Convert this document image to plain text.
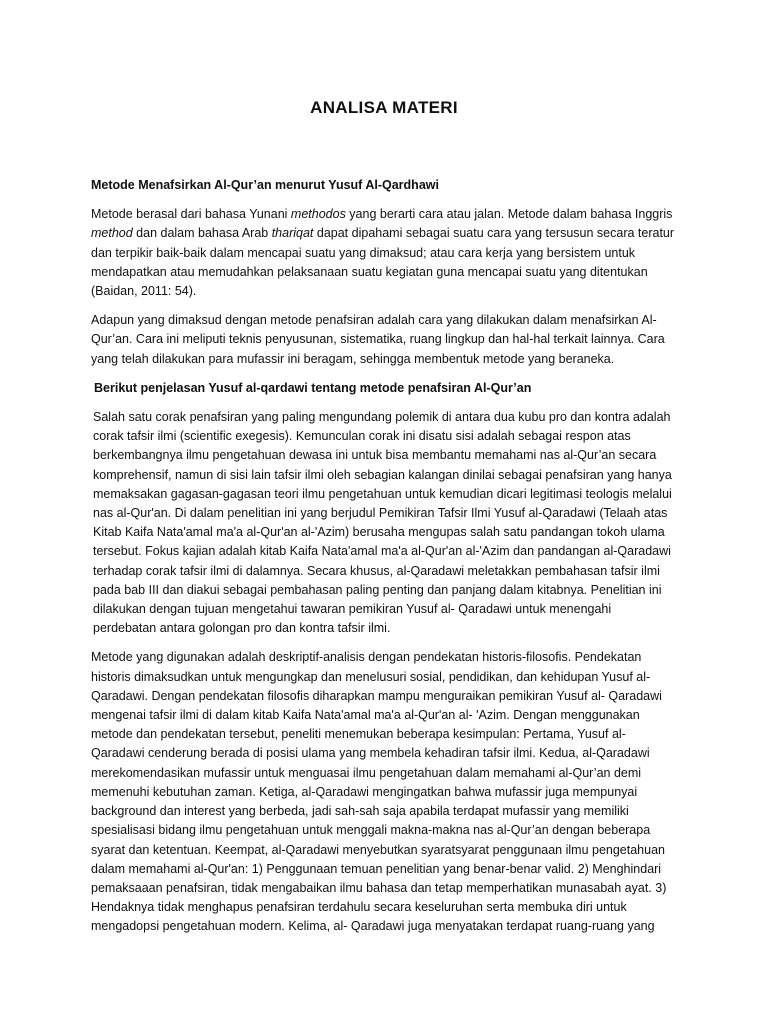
ANALISA MATERI

Metode Menafsirkan Al-Qur’an menurut Yusuf Al-Qardhawi

Metode berasal dari bahasa Yunani methodos yang berarti cara atau jalan. Metode dalam bahasa Inggris method dan dalam bahasa Arab thariqat dapat dipahami sebagai suatu cara yang tersusun secara teratur dan terpikir baik-baik dalam mencapai suatu yang dimaksud; atau cara kerja yang bersistem untuk mendapatkan atau memudahkan pelaksanaan suatu kegiatan guna mencapai suatu yang ditentukan (Baidan, 2011: 54).

Adapun yang dimaksud dengan metode penafsiran adalah cara yang dilakukan dalam menafsirkan Al-Qur’an. Cara ini meliputi teknis penyusunan, sistematika, ruang lingkup dan hal-hal terkait lainnya. Cara yang telah dilakukan para mufassir ini beragam, sehingga membentuk metode yang beraneka.

Berikut penjelasan Yusuf al-qardawi tentang metode penafsiran Al-Qur’an

Salah satu corak penafsiran yang paling mengundang polemik di antara dua kubu pro dan kontra adalah corak tafsir ilmi (scientific exegesis). Kemunculan corak ini disatu sisi adalah sebagai respon atas berkembangnya ilmu pengetahuan dewasa ini untuk bisa membantu memahami nas al-Qur’an secara komprehensif, namun di sisi lain tafsir ilmi oleh sebagian kalangan dinilai sebagai penafsiran yang hanya memaksakan gagasan-gagasan teori ilmu pengetahuan untuk kemudian dicari legitimasi teologis melalui nas al-Qur'an. Di dalam penelitian ini yang berjudul Pemikiran Tafsir Ilmi Yusuf al-Qaradawi (Telaah atas Kitab Kaifa Nata'amal ma'a al-Qur'an al-'Azim) berusaha mengupas salah satu pandangan tokoh ulama tersebut. Fokus kajian adalah kitab Kaifa Nata'amal ma'a al-Qur'an al-'Azim dan pandangan al-Qaradawi terhadap corak tafsir ilmi di dalamnya. Secara khusus, al-Qaradawi meletakkan pembahasan tafsir ilmi pada bab III dan diakui sebagai pembahasan paling penting dan panjang dalam kitabnya. Penelitian ini dilakukan dengan tujuan mengetahui tawaran pemikiran Yusuf al- Qaradawi untuk menengahi perdebatan antara golongan pro dan kontra tafsir ilmi.

Metode yang digunakan adalah deskriptif-analisis dengan pendekatan historis-filosofis. Pendekatan historis dimaksudkan untuk mengungkap dan menelusuri sosial, pendidikan, dan kehidupan Yusuf al-Qaradawi. Dengan pendekatan filosofis diharapkan mampu menguraikan pemikiran Yusuf al- Qaradawi mengenai tafsir ilmi di dalam kitab Kaifa Nata'amal ma'a al-Qur'an al- 'Azim. Dengan menggunakan metode dan pendekatan tersebut, peneliti menemukan beberapa kesimpulan: Pertama, Yusuf al-Qaradawi cenderung berada di posisi ulama yang membela kehadiran tafsir ilmi. Kedua, al-Qaradawi merekomendasikan mufassir untuk menguasai ilmu pengetahuan dalam memahami al-Qur’an demi memenuhi kebutuhan zaman. Ketiga, al-Qaradawi mengingatkan bahwa mufassir juga mempunyai background dan interest yang berbeda, jadi sah-sah saja apabila terdapat mufassir yang memiliki spesialisasi bidang ilmu pengetahuan untuk menggali makna-makna nas al-Qur’an dengan beberapa syarat dan ketentuan. Keempat, al-Qaradawi menyebutkan syaratsyarat penggunaan ilmu pengetahuan dalam memahami al-Qur'an: 1) Penggunaan temuan penelitian yang benar-benar valid. 2) Menghindari pemaksaaan penafsiran, tidak mengabaikan ilmu bahasa dan tetap memperhatikan munasabah ayat. 3) Hendaknya tidak menghapus penafsiran terdahulu secara keseluruhan serta membuka diri untuk mengadopsi pengetahuan modern. Kelima, al- Qaradawi juga menyatakan terdapat ruang-ruang yang
